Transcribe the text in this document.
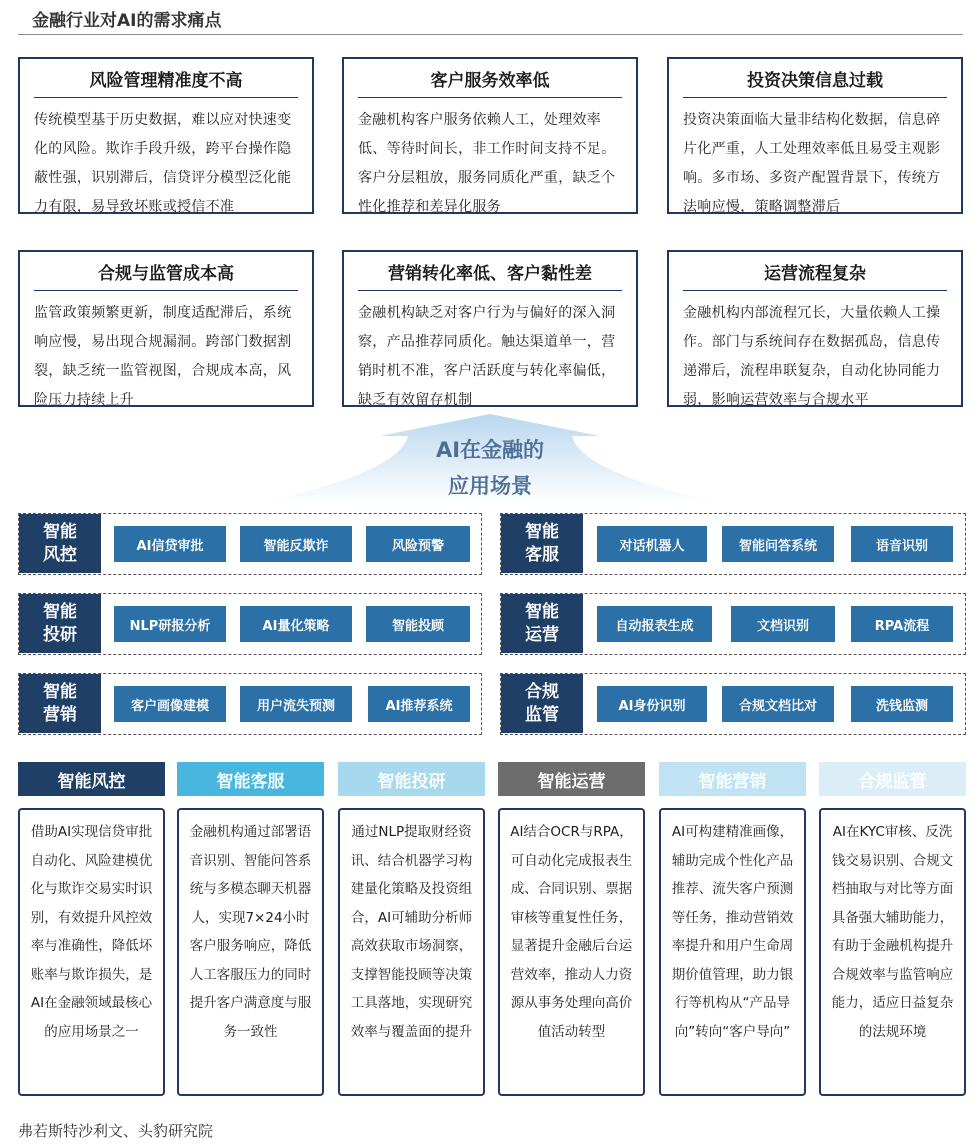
金融行业对AI的需求痛点
风险管理精准度不高
传统模型基于历史数据，难以应对快速变化的风险。欺诈手段升级，跨平台操作隐蔽性强，识别滞后，信贷评分模型泛化能力有限，易导致坏账或授信不准
客户服务效率低
金融机构客户服务依赖人工，处理效率低、等待时间长，非工作时间支持不足。客户分层粗放，服务同质化严重，缺乏个性化推荐和差异化服务
投资决策信息过载
投资决策面临大量非结构化数据，信息碎片化严重，人工处理效率低且易受主观影响。多市场、多资产配置背景下，传统方法响应慢，策略调整滞后
合规与监管成本高
监管政策频繁更新，制度适配滞后，系统响应慢，易出现合规漏洞。跨部门数据割裂，缺乏统一监管视图，合规成本高，风险压力持续上升
营销转化率低、客户黏性差
金融机构缺乏对客户行为与偏好的深入洞察，产品推荐同质化。触达渠道单一，营销时机不准，客户活跃度与转化率偏低，缺乏有效留存机制
运营流程复杂
金融机构内部流程冗长，大量依赖人工操作。部门与系统间存在数据孤岛，信息传递滞后，流程串联复杂，自动化协同能力弱，影响运营效率与合规水平
AI在金融的
应用场景
智能
风控	AI信贷审批	智能反欺诈	风险预警
智能
客服	对话机器人	智能问答系统	语音识别
智能
投研	NLP研报分析	AI量化策略	智能投顾
智能
运营	自动报表生成	文档识别	RPA流程
智能
营销	客户画像建模	用户流失预测	AI推荐系统
合规
监管	AI身份识别	合规文档比对	洗钱监测
智能风控
借助AI实现信贷审批自动化、风险建模优化与欺诈交易实时识别，有效提升风控效率与准确性，降低坏账率与欺诈损失，是AI在金融领域最核心的应用场景之一
智能客服
金融机构通过部署语音识别、智能问答系统与多模态聊天机器人，实现7×24小时客户服务响应，降低人工客服压力的同时提升客户满意度与服务一致性
智能投研
通过NLP提取财经资讯、结合机器学习构建量化策略及投资组合，AI可辅助分析师高效获取市场洞察，支撑智能投顾等决策工具落地，实现研究效率与覆盖面的提升
智能运营
AI结合OCR与RPA，可自动化完成报表生成、合同识别、票据审核等重复性任务，显著提升金融后台运营效率，推动人力资源从事务处理向高价值活动转型
智能营销
AI可构建精准画像，辅助完成个性化产品推荐、流失客户预测等任务，推动营销效率提升和用户生命周期价值管理，助力银行等机构从“产品导向”转向“客户导向”
合规监管
AI在KYC审核、反洗钱交易识别、合规文档抽取与对比等方面具备强大辅助能力，有助于金融机构提升合规效率与监管响应能力，适应日益复杂的法规环境
弗若斯特沙利文、头豹研究院
